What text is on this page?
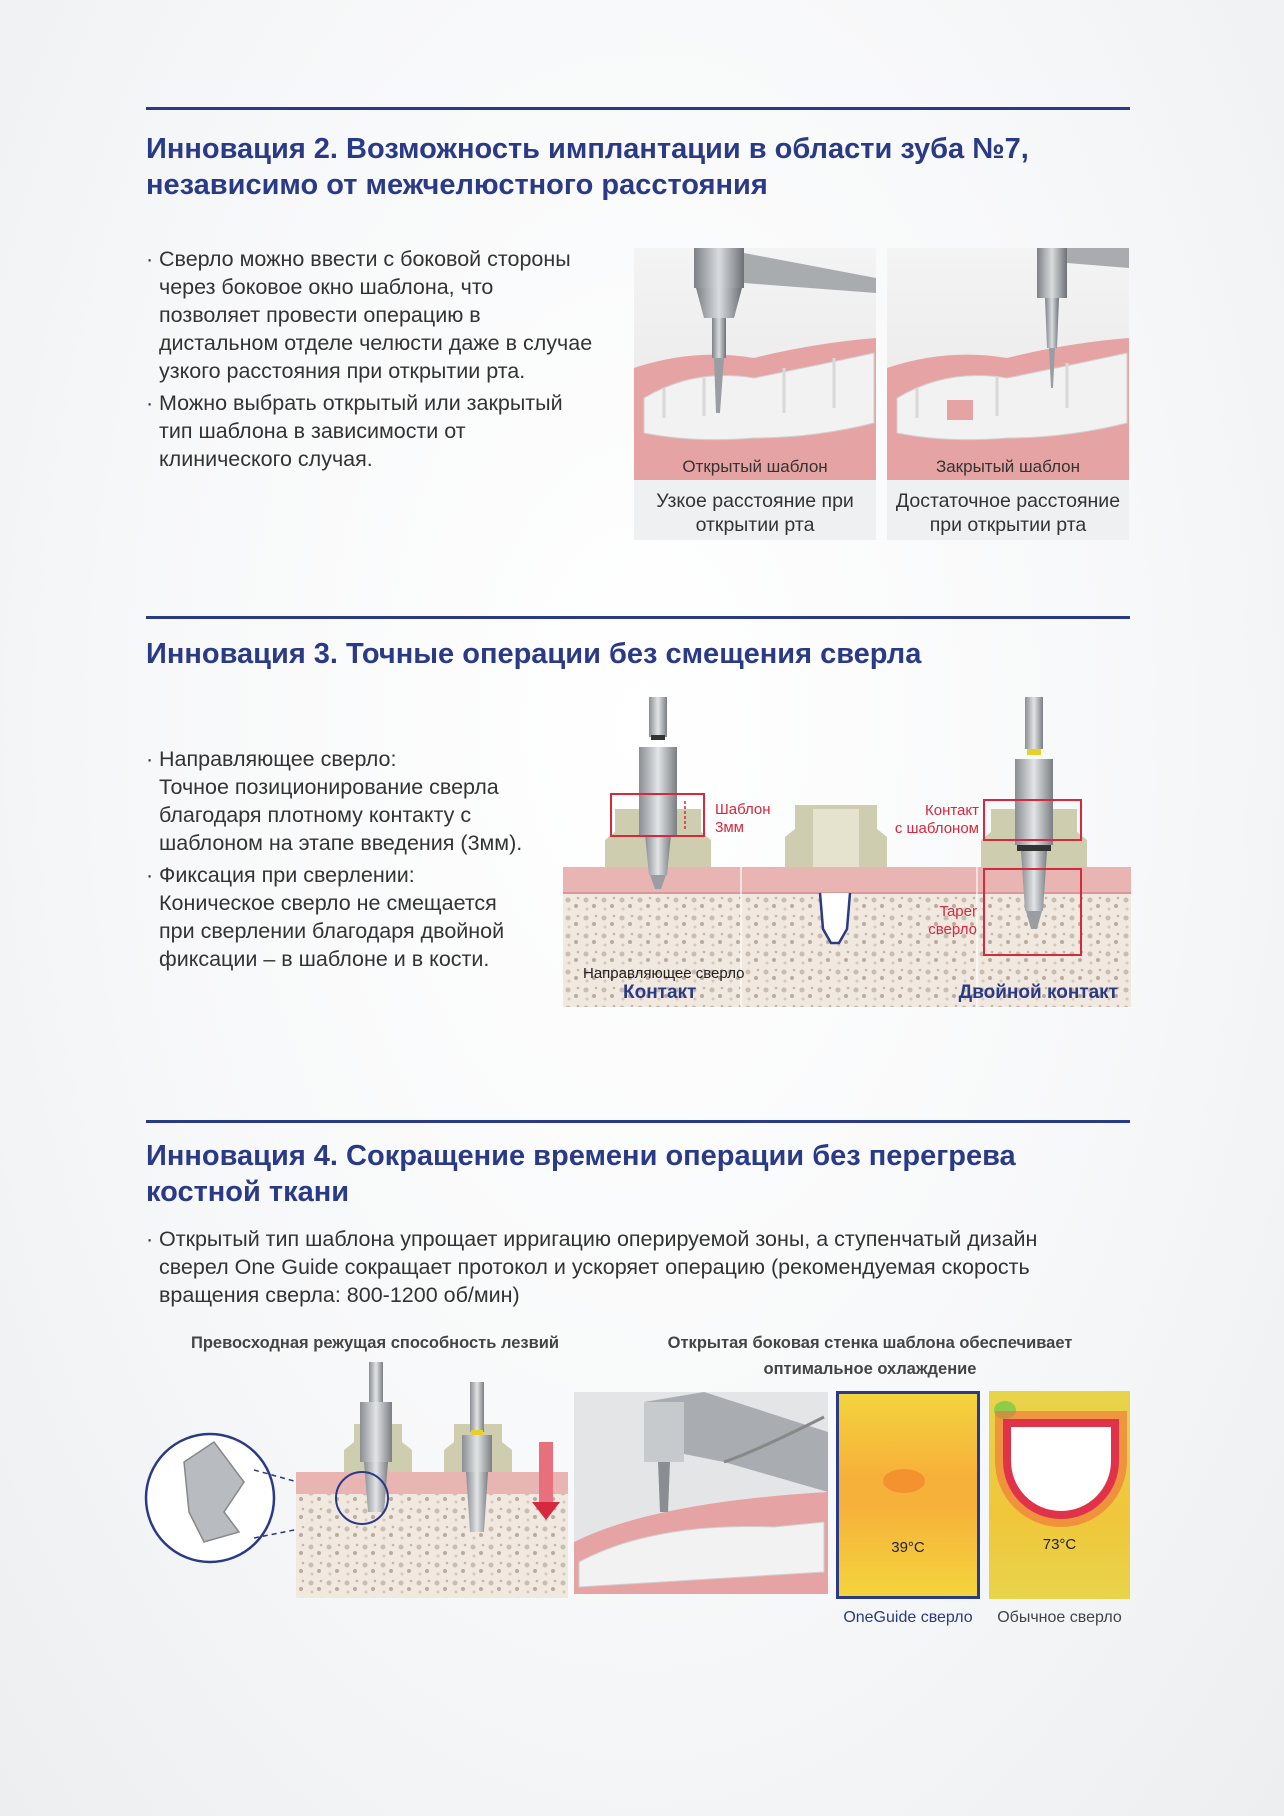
Инновация 2. Возможность имплантации в области зуба №7,
независимо от межчелюстного расстояния

· Сверло можно ввести с боковой стороны
через боковое окно шаблона, что
позволяет провести операцию в
дистальном отделе челюсти даже в случае
узкого расстояния при открытии рта.

· Можно выбрать открытый или закрытый
тип шаблона в зависимости от
клинического случая.	Открытый шаблон
Узкое расстояние при
открытии рта
Закрытый шаблон
Достаточное расстояние
при открытии рта
Инновация 3. Точные операции без смещения сверла

· Направляющее сверло:
Точное позиционирование сверла
благодаря плотному контакту с
шаблоном на этапе введения (3мм).

· Фиксация при сверлении:
Коническое сверло не смещается
при сверлении благодаря двойной
фиксации – в шаблоне и в кости.

Шаблон
3мм
Контакт
с шаблоном
Taper
сверло
Направляющее сверло
Контакт	Двойной контакт
Инновация 4. Сокращение времени операции без перегрева
костной ткани

· Открытый тип шаблона упрощает ирригацию оперируемой зоны, а ступенчатый дизайн
сверел One Guide сокращает протокол и ускоряет операцию (рекомендуемая скорость
вращения сверла: 800-1200 об/мин)

Превосходная режущая способность лезвий	Открытая боковая стенка шаблона обеспечивает
оптимальное охлаждение
39°C	73°C
OneGuide сверло	Обычное сверло
